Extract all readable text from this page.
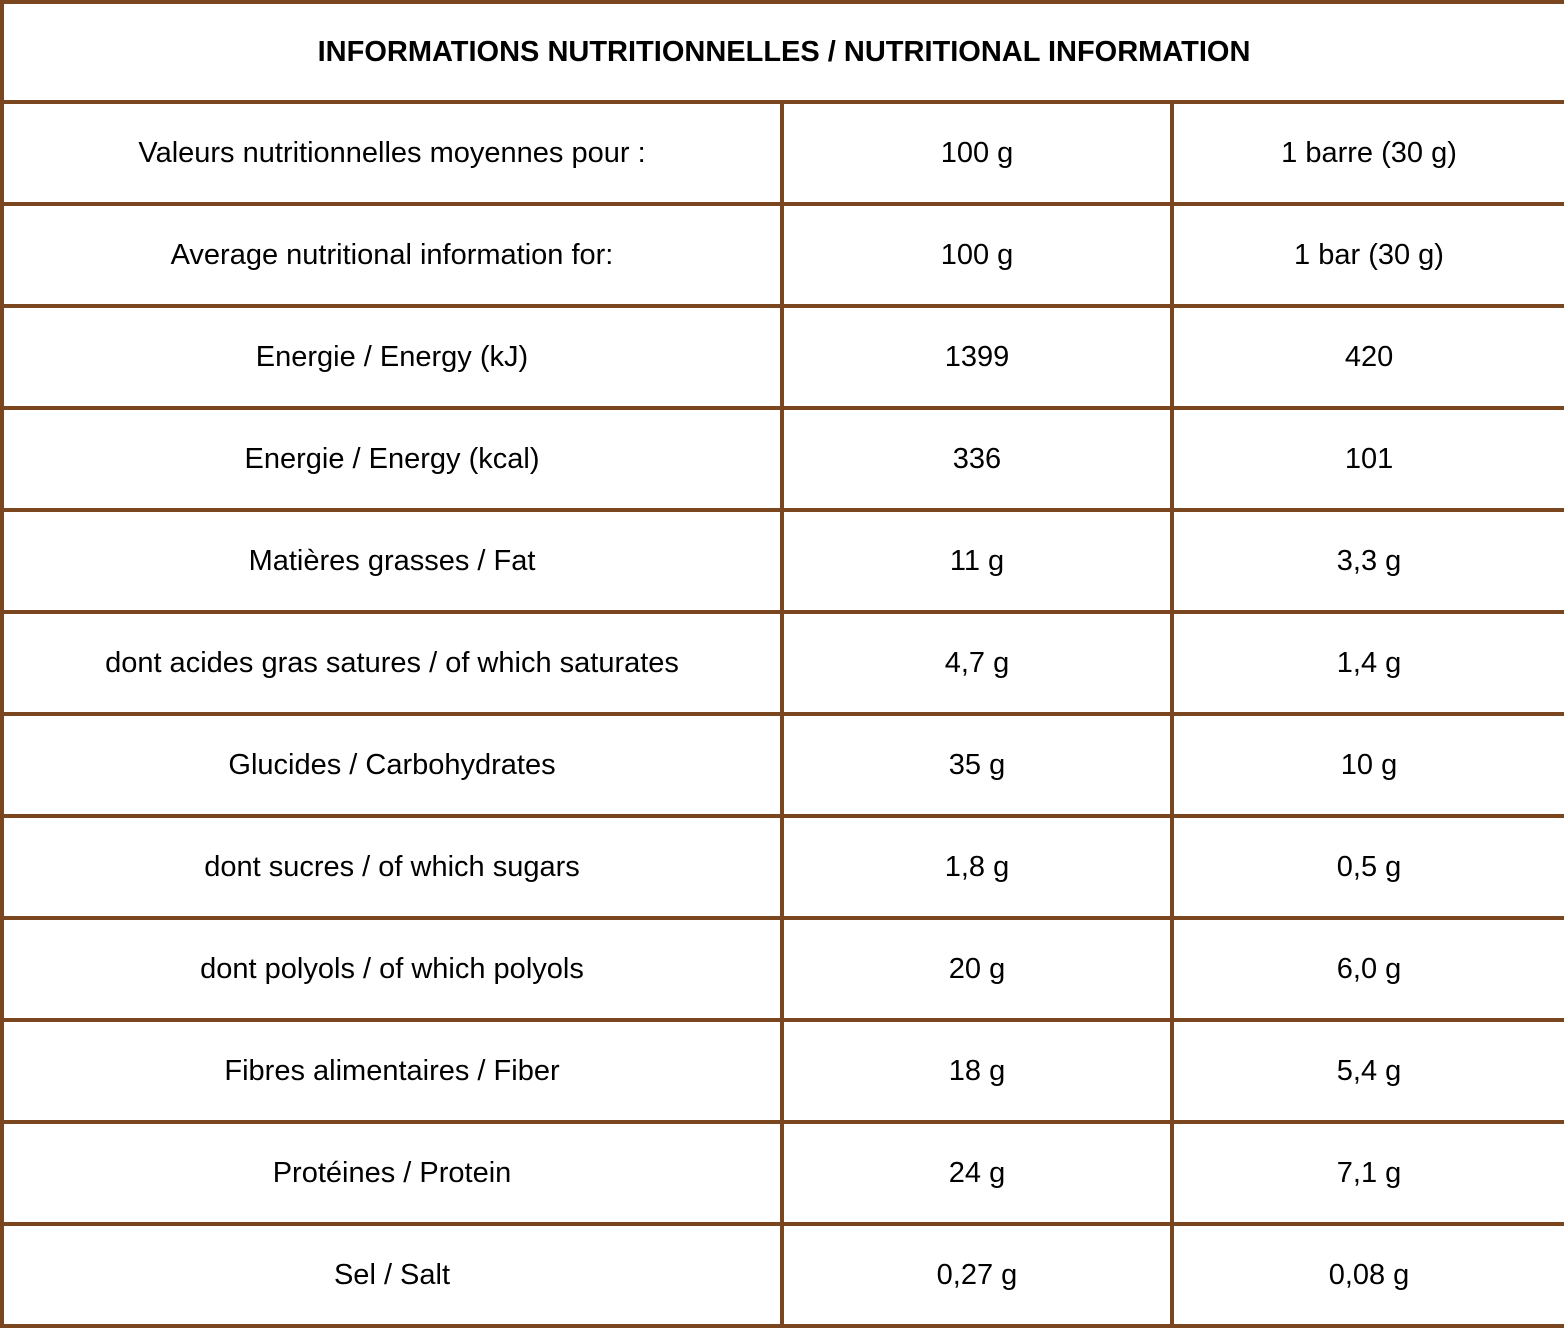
INFORMATIONS NUTRITIONNELLES / NUTRITIONAL INFORMATION		
Valeurs nutritionnelles moyennes pour :	100 g	1 barre (30 g)
Average nutritional information for:	100 g	1 bar (30 g)
Energie / Energy (kJ)	1399	420
Energie / Energy (kcal)	336	101
Matières grasses / Fat	11 g	3,3 g
dont acides gras satures / of which saturates	4,7 g	1,4 g
Glucides / Carbohydrates	35 g	10 g
dont sucres / of which sugars	1,8 g	0,5 g
dont polyols / of which polyols	20 g	6,0 g
Fibres alimentaires / Fiber	18 g	5,4 g
Protéines / Protein	24 g	7,1 g
Sel / Salt	0,27 g	0,08 g
